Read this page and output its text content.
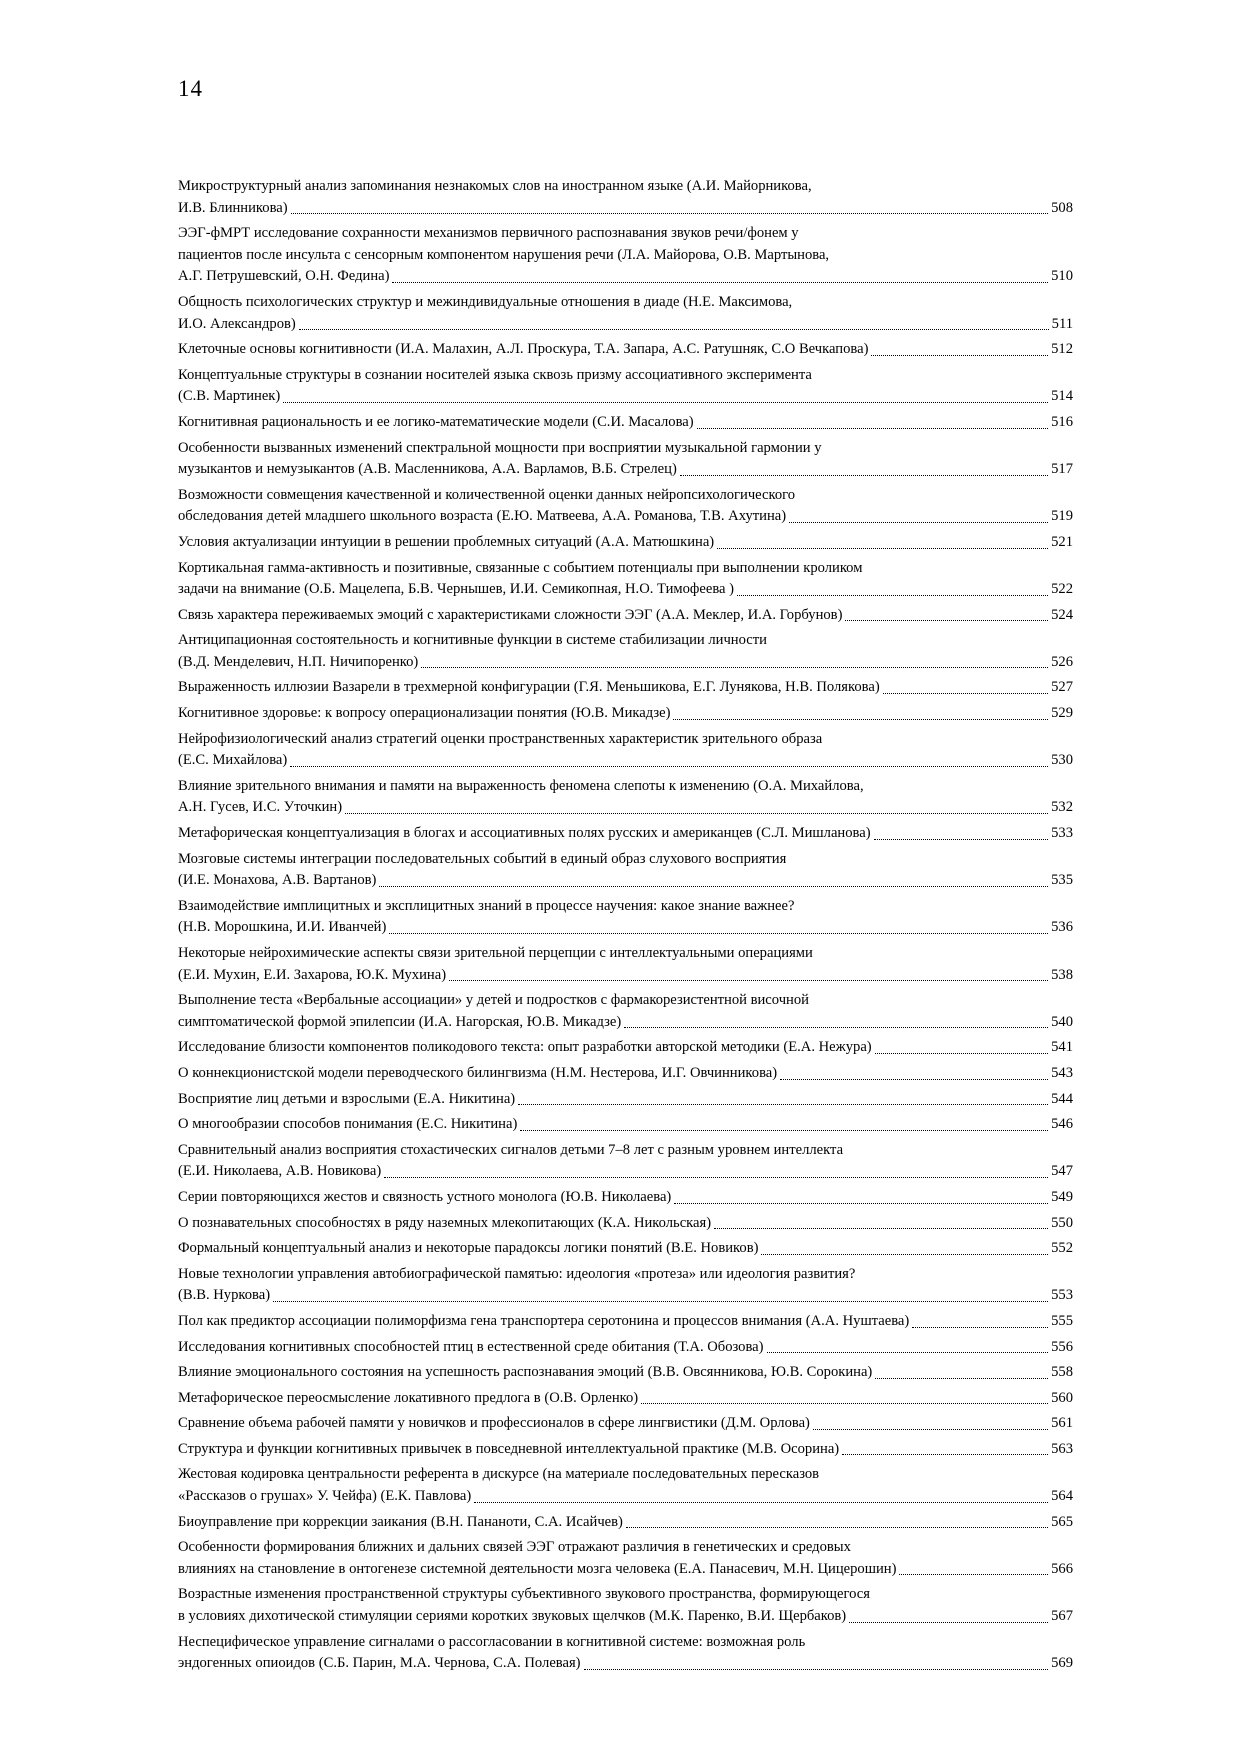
14
Микроструктурный анализ запоминания незнакомых слов на иностранном языке (А.И. Майорникова,
И.В. Блинникова)	508
ЭЭГ-фМРТ исследование сохранности механизмов первичного распознавания звуков речи/фонем у
пациентов после инсульта с сенсорным компонентом нарушения речи (Л.А. Майорова, О.В. Мартынова,
А.Г. Петрушевский, О.Н. Федина)	510
Общность психологических структур и межиндивидуальные отношения в диаде (Н.Е. Максимова,
И.О. Александров)	511
Клеточные основы когнитивности (И.А. Малахин, А.Л. Проскура, Т.А. Запара, А.С. Ратушняк, С.О Вечкапова)	512
Концептуальные структуры в сознании носителей языка сквозь призму ассоциативного эксперимента
(С.В. Мартинек)	514
Когнитивная рациональность и ее логико-математические модели (С.И. Масалова)	516
Особенности вызванных изменений спектральной мощности при восприятии музыкальной гармонии у
музыкантов и немузыкантов (А.В. Масленникова, А.А. Варламов, В.Б. Стрелец)	517
Возможности совмещения качественной и количественной оценки данных нейропсихологического
обследования детей младшего школьного возраста (Е.Ю. Матвеева, А.А. Романова, Т.В. Ахутина)	519
Условия актуализации интуиции в решении проблемных ситуаций (А.А. Матюшкина)	521
Кортикальная гамма-активность и позитивные, связанные с событием потенциалы при выполнении кроликом
задачи на внимание (О.Б. Мацелепа, Б.В. Чернышев, И.И. Семикопная, Н.О. Тимофеева )	522
Связь характера переживаемых эмоций с характеристиками сложности ЭЭГ (А.А. Меклер, И.А. Горбунов)	524
Антиципационная состоятельность и когнитивные функции в системе стабилизации личности
(В.Д. Менделевич, Н.П. Ничипоренко)	526
Выраженность иллюзии Вазарели в трехмерной конфигурации (Г.Я. Меньшикова, Е.Г. Лунякова, Н.В. Полякова)	527
Когнитивное здоровье: к вопросу операционализации понятия (Ю.В. Микадзе)	529
Нейрофизиологический анализ стратегий оценки пространственных характеристик зрительного образа
(Е.С. Михайлова)	530
Влияние зрительного внимания и памяти на выраженность феномена слепоты к изменению (О.А. Михайлова,
А.Н. Гусев, И.С. Уточкин)	532
Метафорическая концептуализация в блогах и ассоциативных полях русских и американцев (С.Л. Мишланова)	533
Мозговые системы интеграции последовательных событий в единый образ слухового восприятия
(И.Е. Монахова, А.В. Вартанов)	535
Взаимодействие имплицитных и эксплицитных знаний в процессе научения: какое знание важнее?
(Н.В. Морошкина, И.И. Иванчей)	536
Некоторые нейрохимические аспекты связи зрительной перцепции с интеллектуальными операциями
(Е.И. Мухин, Е.И. Захарова, Ю.К. Мухина)	538
Выполнение теста «Вербальные ассоциации» у детей и подростков с фармакорезистентной височной
симптоматической формой эпилепсии (И.А. Нагорская, Ю.В. Микадзе)	540
Исследование близости компонентов поликодового текста: опыт разработки авторской методики (Е.А. Нежура)	541
О коннекционистской модели переводческого билингвизма (Н.М. Нестерова, И.Г. Овчинникова)	543
Восприятие лиц детьми и взрослыми (Е.А. Никитина)	544
О многообразии способов понимания (Е.С. Никитина)	546
Сравнительный анализ восприятия стохастических сигналов детьми 7–8 лет с разным уровнем интеллекта
(Е.И. Николаева, А.В. Новикова)	547
Серии повторяющихся жестов и связность устного монолога (Ю.В. Николаева)	549
О познавательных способностях в ряду наземных млекопитающих (К.А. Никольская)	550
Формальный концептуальный анализ и некоторые парадоксы логики понятий (В.Е. Новиков)	552
Новые технологии управления автобиографической памятью: идеология «протеза» или идеология развития?
(В.В. Нуркова)	553
Пол как предиктор ассоциации полиморфизма гена транспортера серотонина и процессов внимания (А.А. Нуштаева)	555
Исследования когнитивных способностей птиц в естественной среде обитания (Т.А. Обозова)	556
Влияние эмоционального состояния на успешность распознавания эмоций (В.В. Овсянникова, Ю.В. Сорокина)	558
Метафорическое переосмысление локативного предлога в (О.В. Орленко)	560
Сравнение объема рабочей памяти у новичков и профессионалов в сфере лингвистики (Д.М. Орлова)	561
Структура и функции когнитивных привычек в повседневной интеллектуальной практике (М.В. Осорина)	563
Жестовая кодировка центральности референта в дискурсе (на материале последовательных пересказов
«Рассказов о грушах» У. Чейфа) (Е.К. Павлова)	564
Биоуправление при коррекции заикания (В.Н. Пананоти, С.А. Исайчев)	565
Особенности формирования ближних и дальних связей ЭЭГ отражают различия в генетических и средовых
влияниях на становление в онтогенезе системной деятельности мозга человека (Е.А. Панасевич, М.Н. Цицерошин)	566
Возрастные изменения пространственной структуры субъективного звукового пространства, формирующегося
в условиях дихотической стимуляции сериями коротких звуковых щелчков (М.К. Паренко, В.И. Щербаков)	567
Неспецифическое управление сигналами о рассогласовании в когнитивной системе: возможная роль
эндогенных опиоидов (С.Б. Парин, М.А. Чернова, С.А. Полевая)	569
